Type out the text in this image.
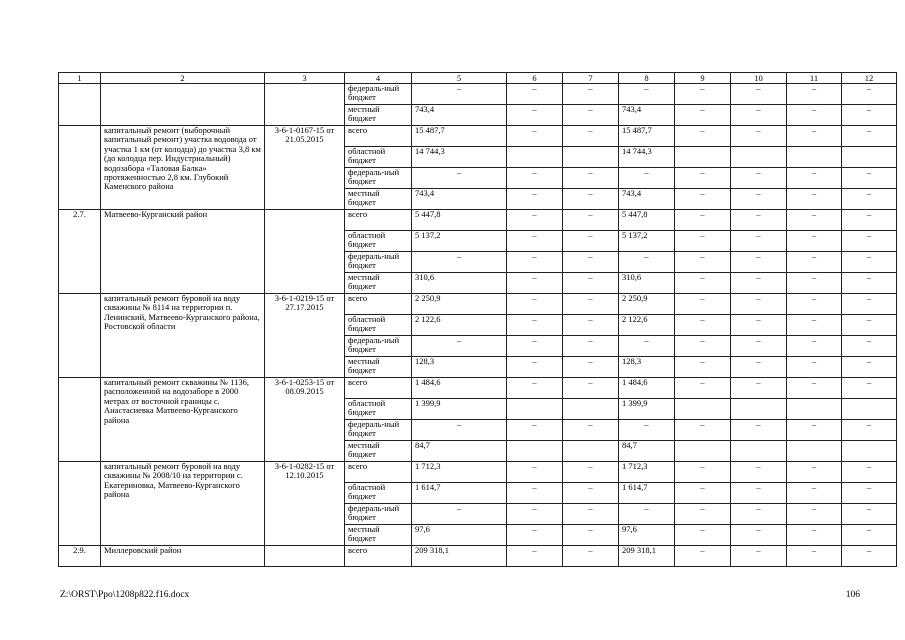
1	2	3	4	5	6	7	8	9	10	11	12
			федераль-ный бюджет	–	–	–	–	–	–	–	–
			местный бюджет	743,4	–	–	743,4	–	–	–	–
	капитальный ремонт (выборочный капитальный ремонт) участка водовода от участка 1 км (от колодца) до участка 3,8 км (до колодца пер. Индустриальный) водозабора «Таловая Балка» протяженностью 2,8 км. Глубокий Каменского района	3-6-1-0167-15 от 21.05.2015	всего	15 487,7	–	–	15 487,7	–	–	–	–
			областной бюджет	14 744,3			14 744,3				
			федераль-ный бюджет	–	–	–	–	–	–	–	–
			местный бюджет	743,4	–	–	743,4	–	–	–	–
2.7.	Матвеево-Курганский район		всего	5 447,8	–	–	5 447,8	–	–	–	–
			областной бюджет	5 137,2	–	–	5 137,2	–	–	–	–
			федераль-ный бюджет	–	–	–	–	–	–	–	–
			местный бюджет	310,6	–	–	310,6	–	–	–	–
	капитальный ремонт буровой на воду скважины № 8114 на территории п. Ленинский, Матвеево-Курганского района, Ростовской области	3-6-1-0219-15 от 27.17.2015	всего	2 250,9	–	–	2 250,9	–	–	–	–
			областной бюджет	2 122,6	–	–	2 122,6	–	–	–	–
			федераль-ный бюджет	–	–	–	–	–	–	–	–
			местный бюджет	128,3	–	–	128,3	–	–	–	–
	капитальный ремонт скважины № 1136, расположенной на водозаборе в 2000 метрах от восточной границы с. Анастасиевка Матвеево-Курганского района	3-6-1-0253-15 от 08.09.2015	всего	1 484,6	–	–	1 484,6	–	–	–	–
			областной бюджет	1 399,9			1 399,9				
			федераль-ный бюджет	–	–	–	–	–	–	–	–
			местный бюджет	84,7			84,7				
	капитальный ремонт буровой на воду скважины № 2008/10 на территории с. Екатериновка, Матвеево-Курганского района	3-6-1-0282-15 от 12.10.2015	всего	1 712,3	–	–	1 712,3	–	–	–	–
			областной бюджет	1 614,7	–	–	1 614,7	–	–	–	–
			федераль-ный бюджет	–	–	–	–	–	–	–	–
			местный бюджет	97,6	–	–	97,6	–	–	–	–
2.9.	Миллеровский район		всего	209 318,1	–	–	209 318,1	–	–	–	–
Z:\ORST\Ppo\1208p822.f16.docx	106
